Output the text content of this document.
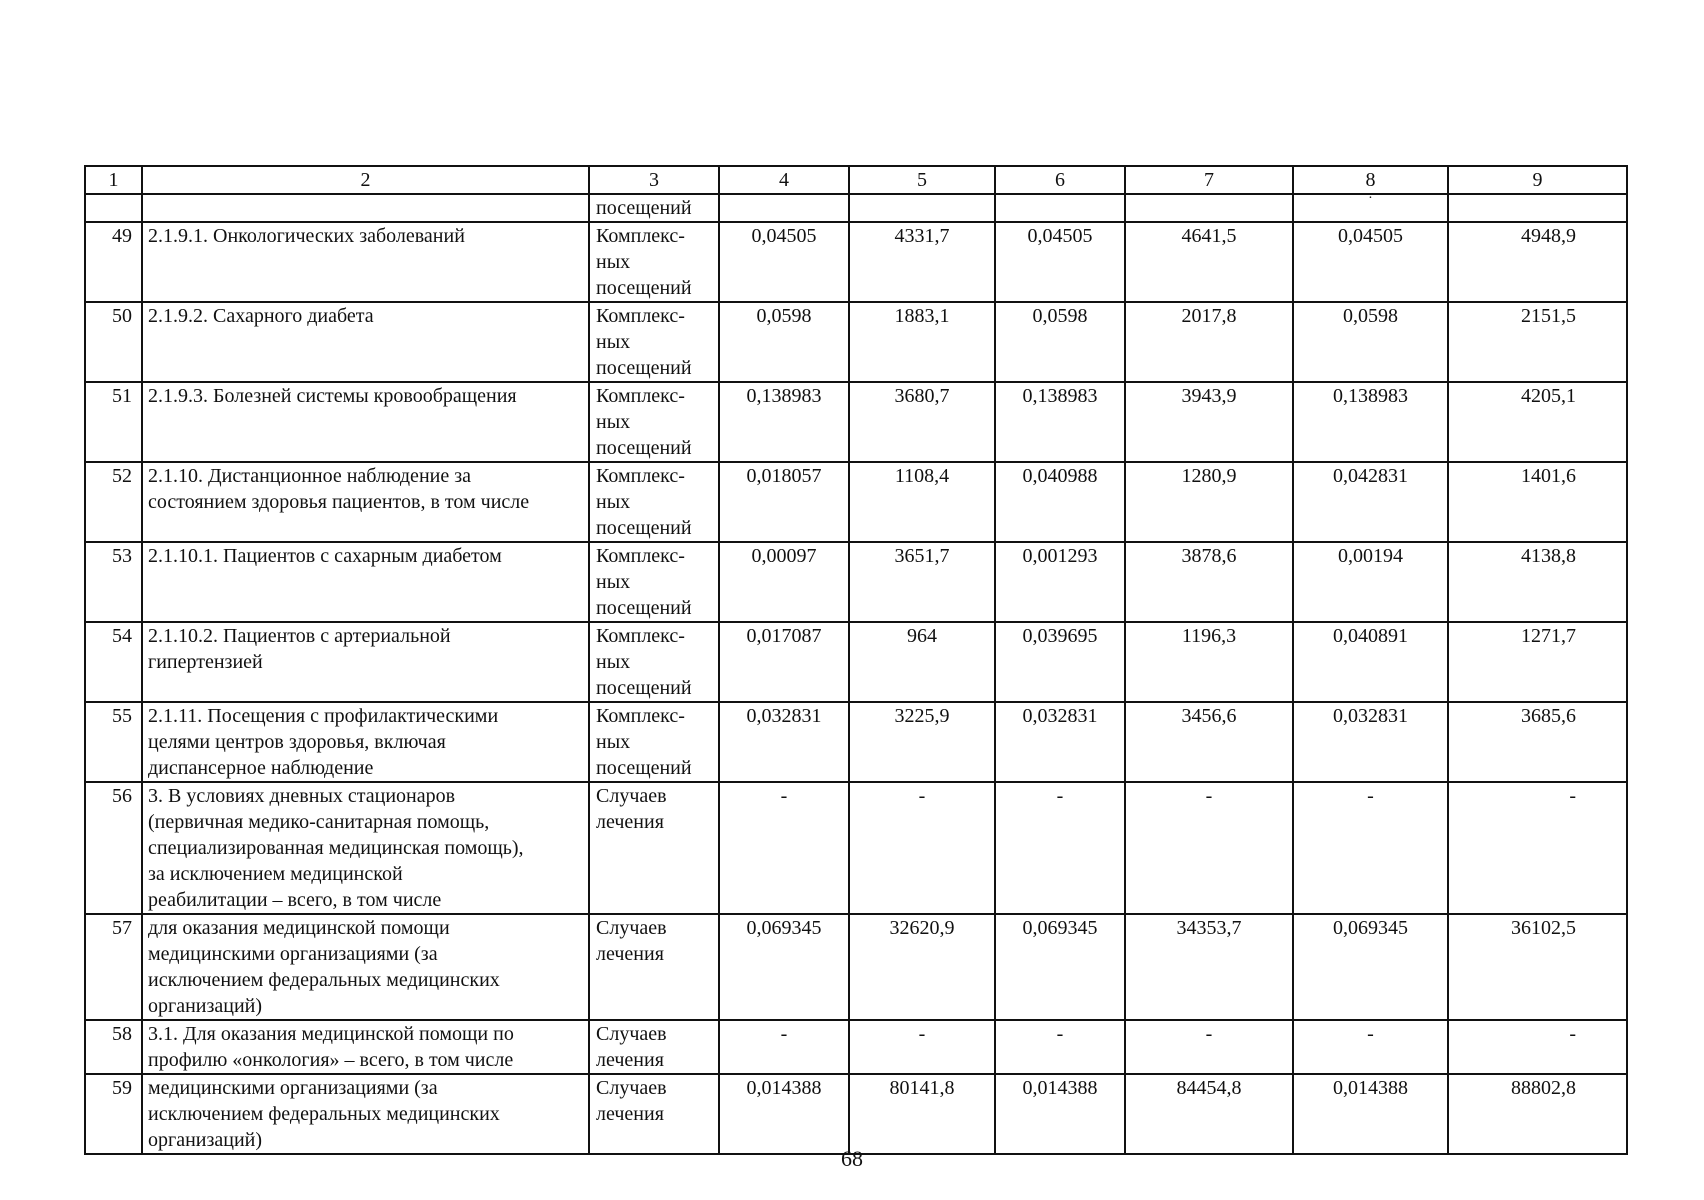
1	2	3	4	5	6	7	8	9
		посещений					·	

49	2.1.9.1. Онкологических заболеваний	Комплекс-
ных
посещений	0,04505	4331,7	0,04505	4641,5	0,04505	4948,9
50	2.1.9.2. Сахарного диабета	Комплекс-
ных
посещений	0,0598	1883,1	0,0598	2017,8	0,0598	2151,5
51	2.1.9.3. Болезней системы кровообращения	Комплекс-
ных
посещений	0,138983	3680,7	0,138983	3943,9	0,138983	4205,1
52	2.1.10. Дистанционное наблюдение за
состоянием здоровья пациентов, в том числе	Комплекс-
ных
посещений	0,018057	1108,4	0,040988	1280,9	0,042831	1401,6
53	2.1.10.1. Пациентов с сахарным диабетом	Комплекс-
ных
посещений	0,00097	3651,7	0,001293	3878,6	0,00194	4138,8
54	2.1.10.2. Пациентов с артериальной
гипертензией	Комплекс-
ных
посещений	0,017087	964	0,039695	1196,3	0,040891	1271,7
55	2.1.11. Посещения с профилактическими
целями центров здоровья, включая
диспансерное наблюдение	Комплекс-
ных
посещений	0,032831	3225,9	0,032831	3456,6	0,032831	3685,6
56	3. В условиях дневных стационаров
(первичная медико-санитарная помощь,
специализированная медицинская помощь),
за исключением медицинской
реабилитации – всего, в том числе	Случаев
лечения	-	-	-	-	-	-
57	для оказания медицинской помощи
медицинскими организациями (за
исключением федеральных медицинских
организаций)	Случаев
лечения	0,069345	32620,9	0,069345	34353,7	0,069345	36102,5
58	3.1. Для оказания медицинской помощи по
профилю «онкология» – всего, в том числе	Случаев
лечения	-	-	-	-	-	-
59	медицинскими организациями (за
исключением федеральных медицинских
организаций)	Случаев
лечения	0,014388	80141,8	0,014388	84454,8	0,014388	88802,8
68
